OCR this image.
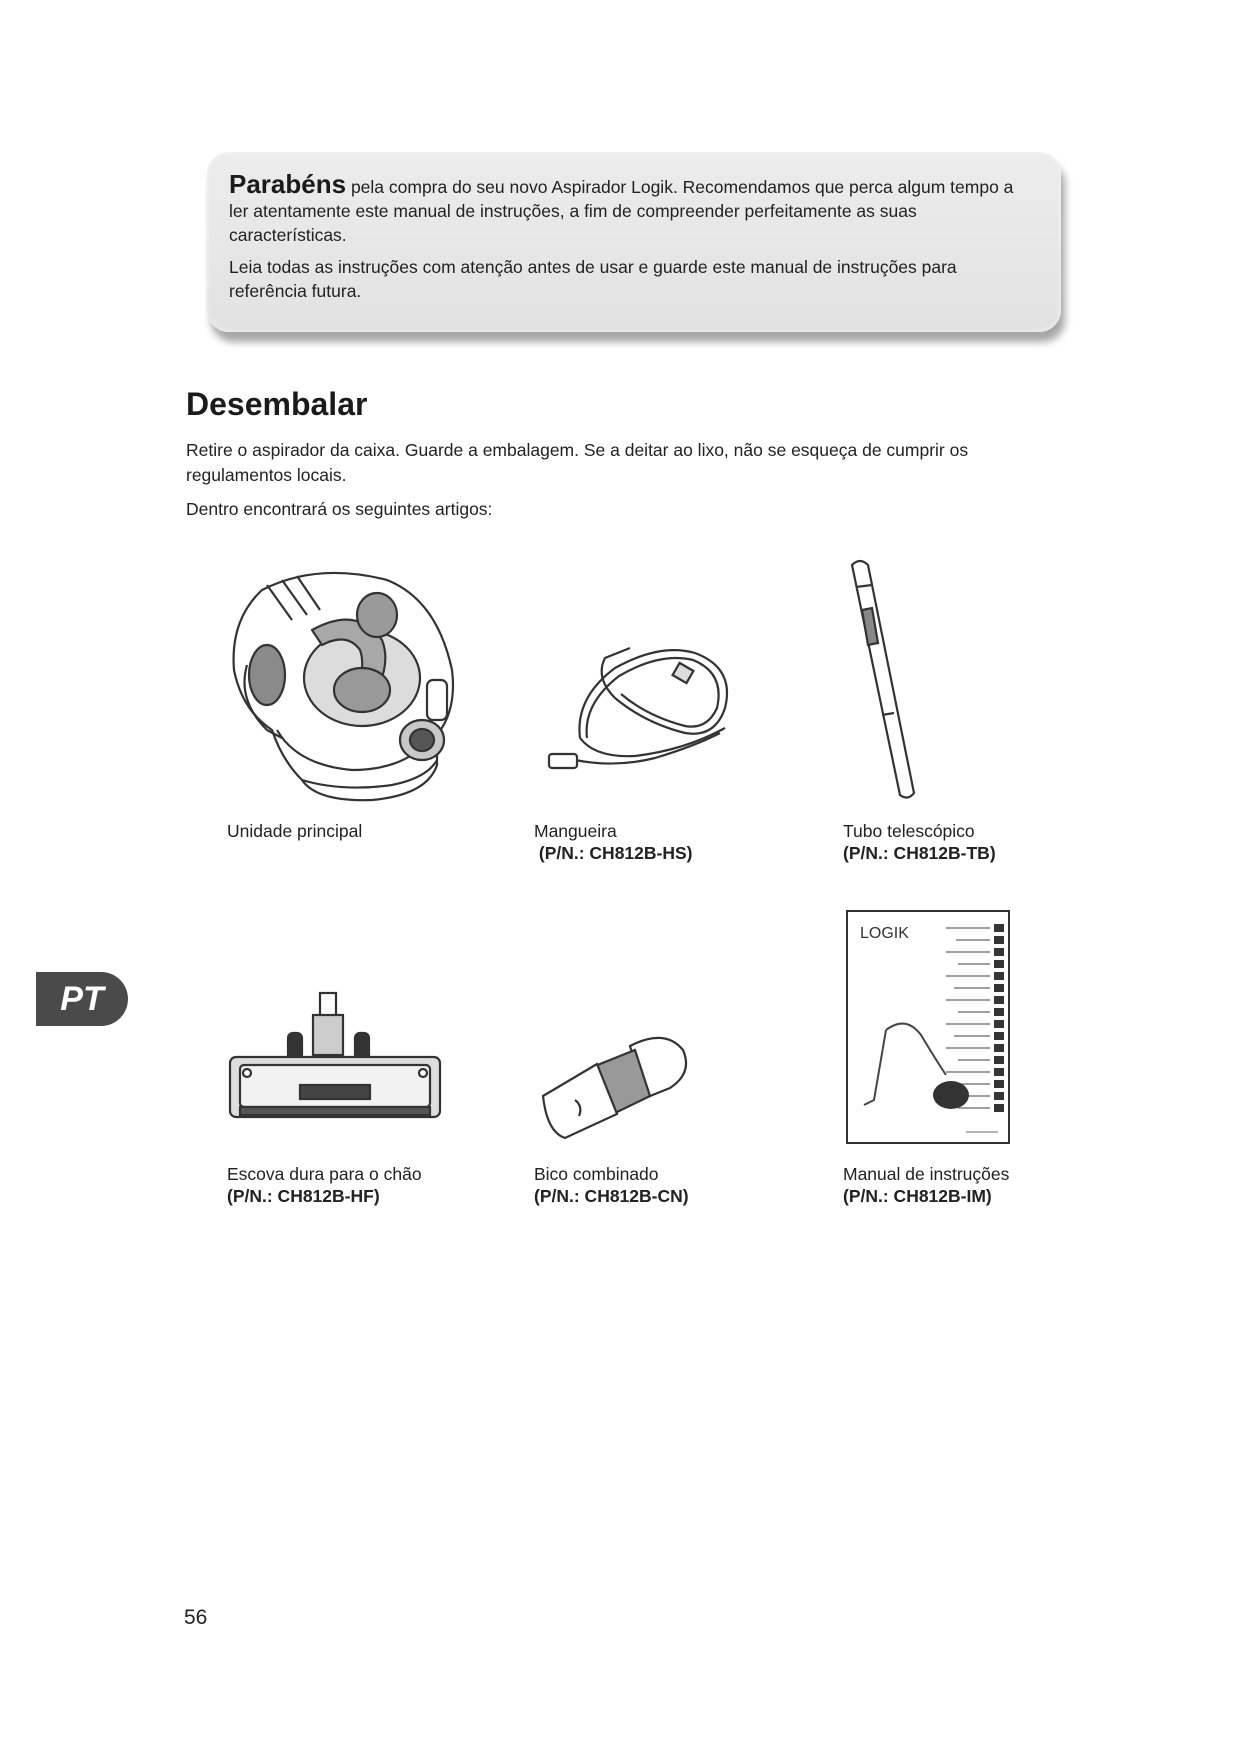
Parabéns pela compra do seu novo Aspirador Logik. Recomendamos que perca algum tempo a ler atentamente este manual de instruções, a fim de compreender perfeitamente as suas características.

Leia todas as instruções com atenção antes de usar e guarde este manual de instruções para referência futura.

Desembalar

Retire o aspirador da caixa. Guarde a embalagem. Se a deitar ao lixo, não se esqueça de cumprir os regulamentos locais.

Dentro encontrará os seguintes artigos:

LOGIK
Unidade principal	Mangueira
(P/N.: CH812B-HS)
Tubo telescópico
(P/N.: CH812B-TB)
Escova dura para o chão
(P/N.: CH812B-HF)
Bico combinado
(P/N.: CH812B-CN)
Manual de instruções
(P/N.: CH812B-IM)
PT
56
